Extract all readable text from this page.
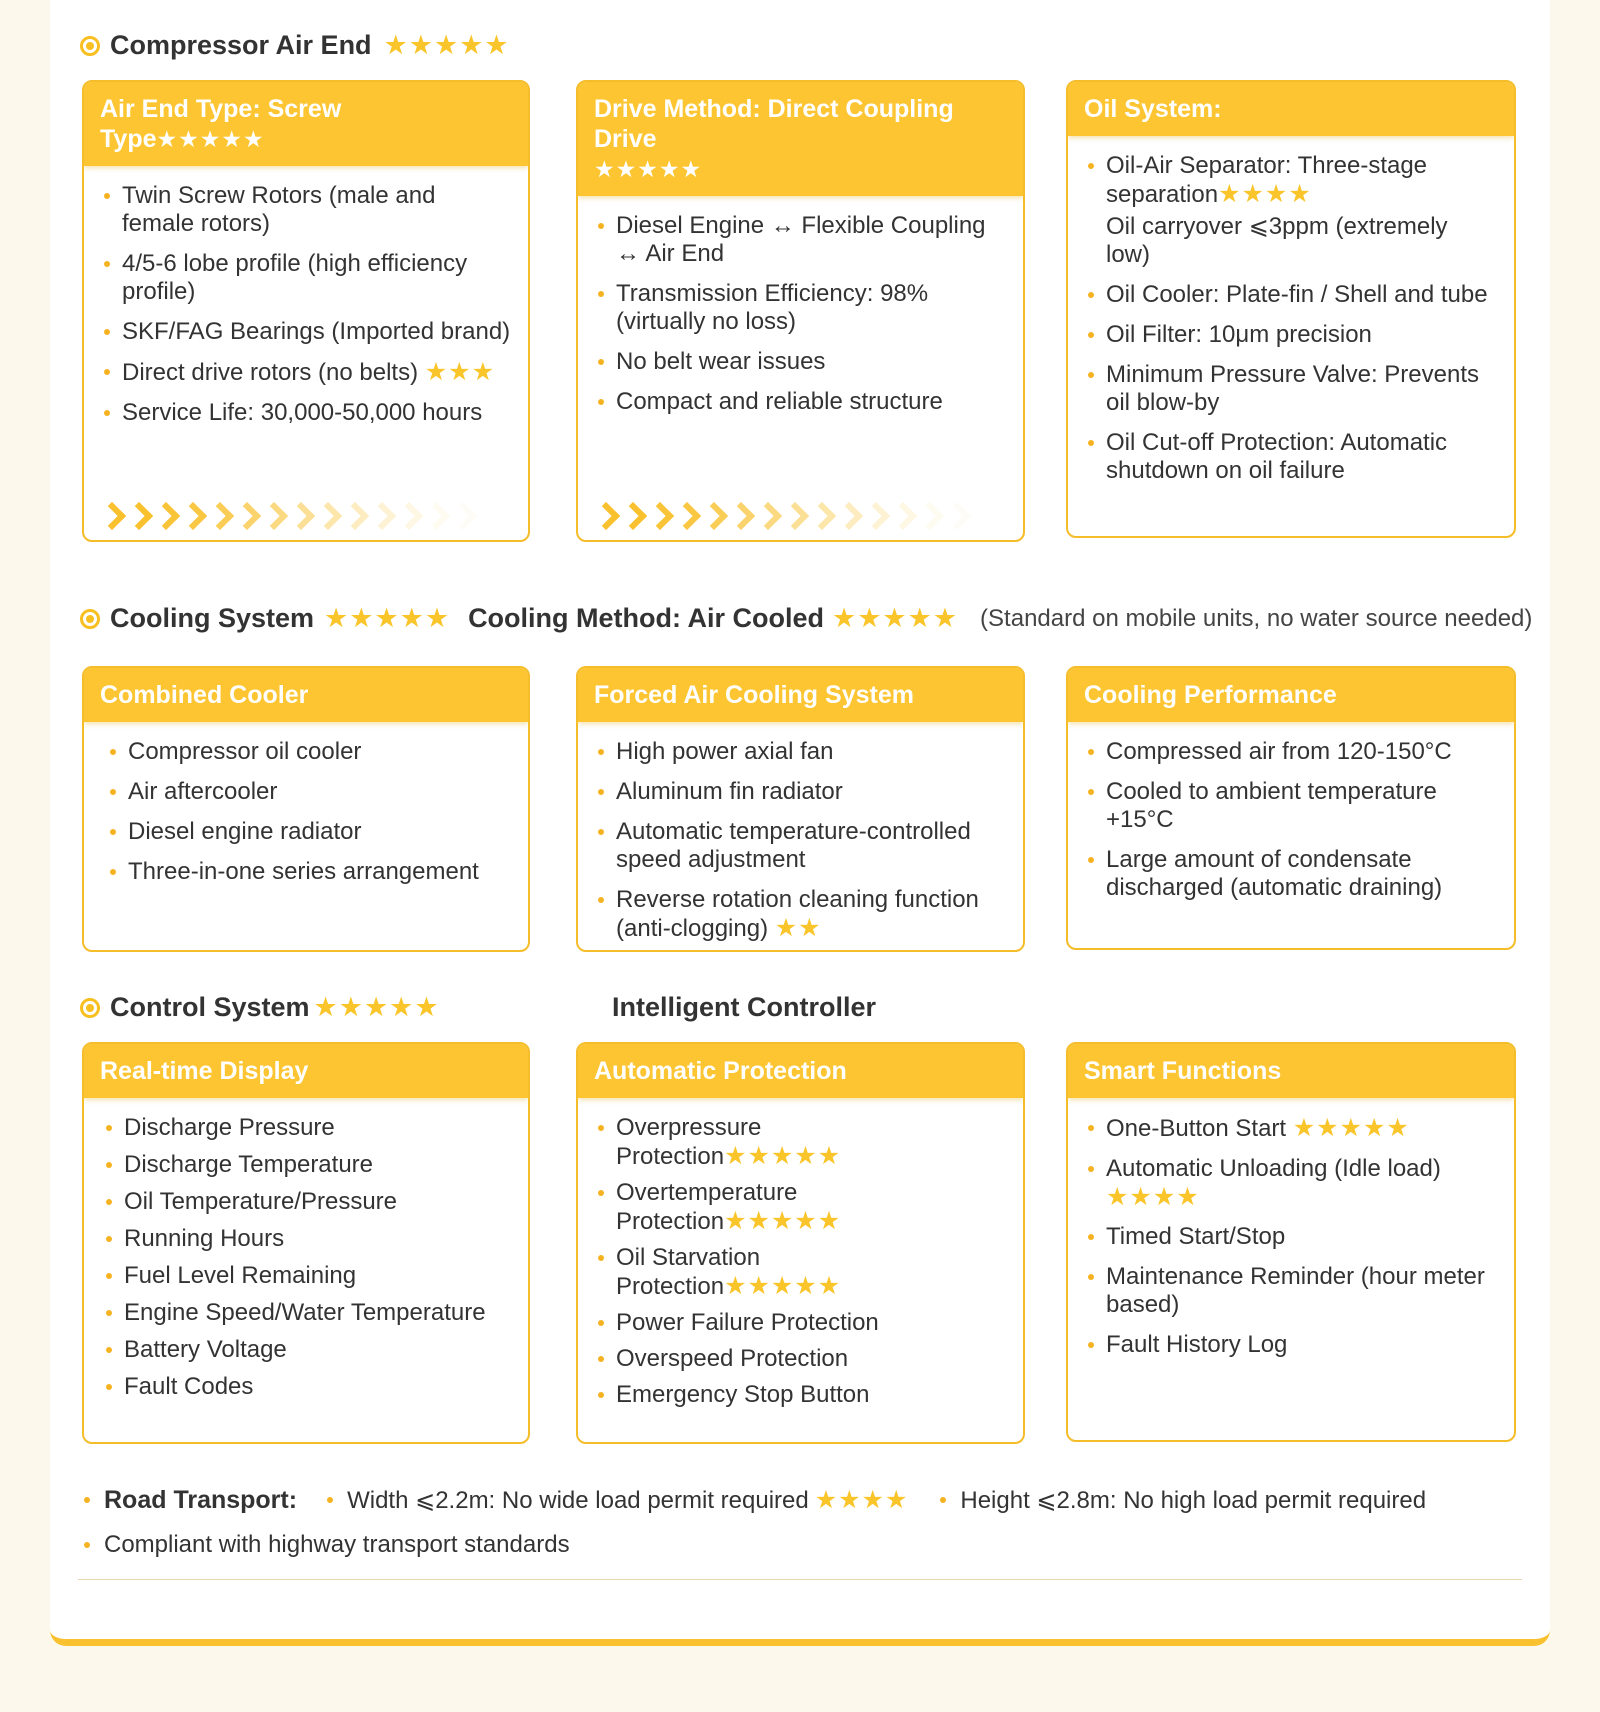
Compressor Air End ★★★★★
Air End Type: Screw Type★★★★★
Twin Screw Rotors (male and female rotors)
4/5-6 lobe profile (high efficiency profile)
SKF/FAG Bearings (Imported brand)
Direct drive rotors (no belts) ★★★
Service Life: 30,000-50,000 hours
Drive Method: Direct Coupling Drive
★★★★★
Diesel Engine ↔ Flexible Coupling ↔ Air End
Transmission Efficiency: 98% (virtually no loss)
No belt wear issues
Compact and reliable structure
Oil System:
Oil-Air Separator: Three-stage separation★★★★
Oil carryover ⩽3ppm (extremely low)
Oil Cooler: Plate-fin / Shell and tube
Oil Filter: 10μm precision
Minimum Pressure Valve: Prevents oil blow-by
Oil Cut-off Protection: Automatic shutdown on oil failure
Cooling System ★★★★★ Cooling Method: Air Cooled ★★★★★ (Standard on mobile units, no water source needed)
Combined Cooler
Compressor oil cooler
Air aftercooler
Diesel engine radiator
Three-in-one series arrangement
Forced Air Cooling System
High power axial fan
Aluminum fin radiator
Automatic temperature-controlled speed adjustment
Reverse rotation cleaning function (anti-clogging) ★★
Cooling Performance
Compressed air from 120-150°C
Cooled to ambient temperature +15°C
Large amount of condensate discharged (automatic draining)
Control System ★★★★★	Intelligent Controller
Real-time Display
Discharge Pressure
Discharge Temperature
Oil Temperature/Pressure
Running Hours
Fuel Level Remaining
Engine Speed/Water Temperature
Battery Voltage
Fault Codes
Automatic Protection
Overpressure Protection★★★★★
Overtemperature Protection★★★★★
Oil Starvation Protection★★★★★
Power Failure Protection
Overspeed Protection
Emergency Stop Button
Smart Functions
One-Button Start ★★★★★
Automatic Unloading (Idle load)
★★★★
Timed Start/Stop
Maintenance Reminder (hour meter based)
Fault History Log
Road Transport: Width ⩽2.2m: No wide load permit required ★★★★ Height ⩽2.8m: No high load permit required
Compliant with highway transport standards
